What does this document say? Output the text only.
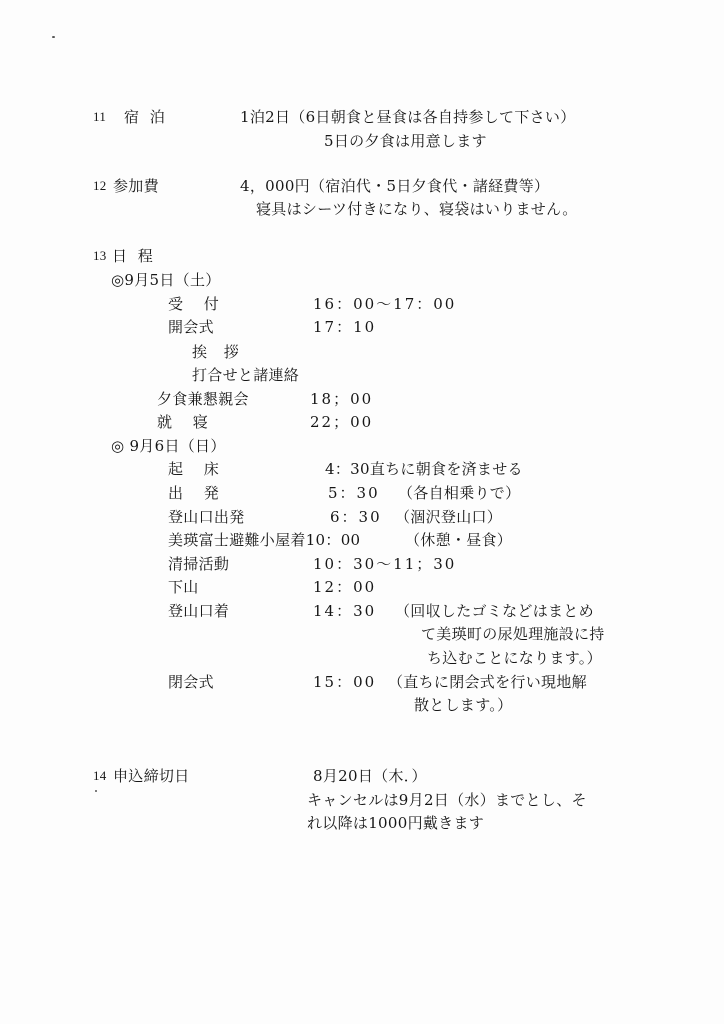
11 宿 泊	1泊2日（6日朝食と昼食は各自持参して下さい）
5日の夕食は用意します
12 参加費	4，000円（宿泊代・5日夕食代・諸経費等）
寝具はシーツ付きになり、寝袋はいりません。
13 日 程
◎9月5日（土）
受 付	16：00～17：00
開会式	17：10
挨 拶
打合せと諸連絡
夕食兼懇親会	18；00
就 寝	22；00
◎ 9月6日（日）
起 床	4：30直ちに朝食を済ませる
出 発	5：30 （各自相乗りで）
登山口出発	6：30 （涸沢登山口）
美瑛富士避難小屋着10：00	（休憩・昼食）
清掃活動	10：30～11；30
下山	12：00
登山口着	14：30 （回収したゴミなどはまとめ
て美瑛町の尿処理施設に持
ち込むことになります。）
閉会式	15：00 （直ちに閉会式を行い現地解
散とします。）
14 申込締切日	8月20日（木．）
キャンセルは9月2日（水）までとし、そ
れ以降は1000円戴きます
